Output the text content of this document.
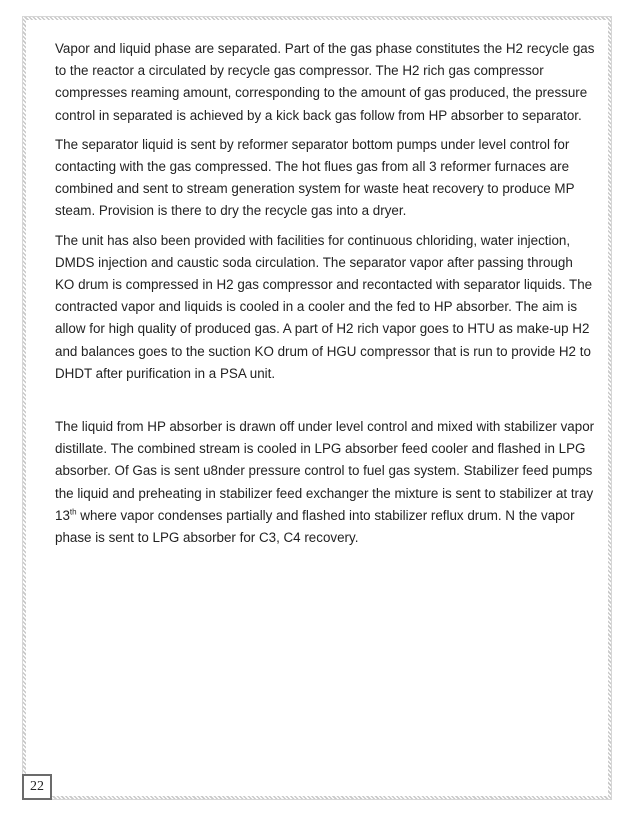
Vapor and liquid phase are separated. Part of the gas phase constitutes the H2 recycle gas to the reactor a circulated by recycle gas compressor. The H2 rich gas compressor compresses reaming amount, corresponding to the amount of gas produced, the pressure control in separated is achieved by a kick back gas follow from HP absorber to separator.

The separator liquid is sent by reformer separator bottom pumps under level control for contacting with the gas compressed. The hot flues gas from all 3 reformer furnaces are combined and sent to stream generation system for waste heat recovery to produce MP steam. Provision is there to dry the recycle gas into a dryer.

The unit has also been provided with facilities for continuous chloriding, water injection, DMDS injection and caustic soda circulation. The separator vapor after passing through KO drum is compressed in H2 gas compressor and recontacted with separator liquids. The contracted vapor and liquids is cooled in a cooler and the fed to HP absorber. The aim is allow for high quality of produced gas. A part of H2 rich vapor goes to HTU as make-up H2 and balances goes to the suction KO drum of HGU compressor that is run to provide H2 to DHDT after purification in a PSA unit.

The liquid from HP absorber is drawn off under level control and mixed with stabilizer vapor distillate. The combined stream is cooled in LPG absorber feed cooler and flashed in LPG absorber. Of Gas is sent u8nder pressure control to fuel gas system. Stabilizer feed pumps the liquid and preheating in stabilizer feed exchanger the mixture is sent to stabilizer at tray 13th where vapor condenses partially and flashed into stabilizer reflux drum. N the vapor phase is sent to LPG absorber for C3, C4 recovery.

22
